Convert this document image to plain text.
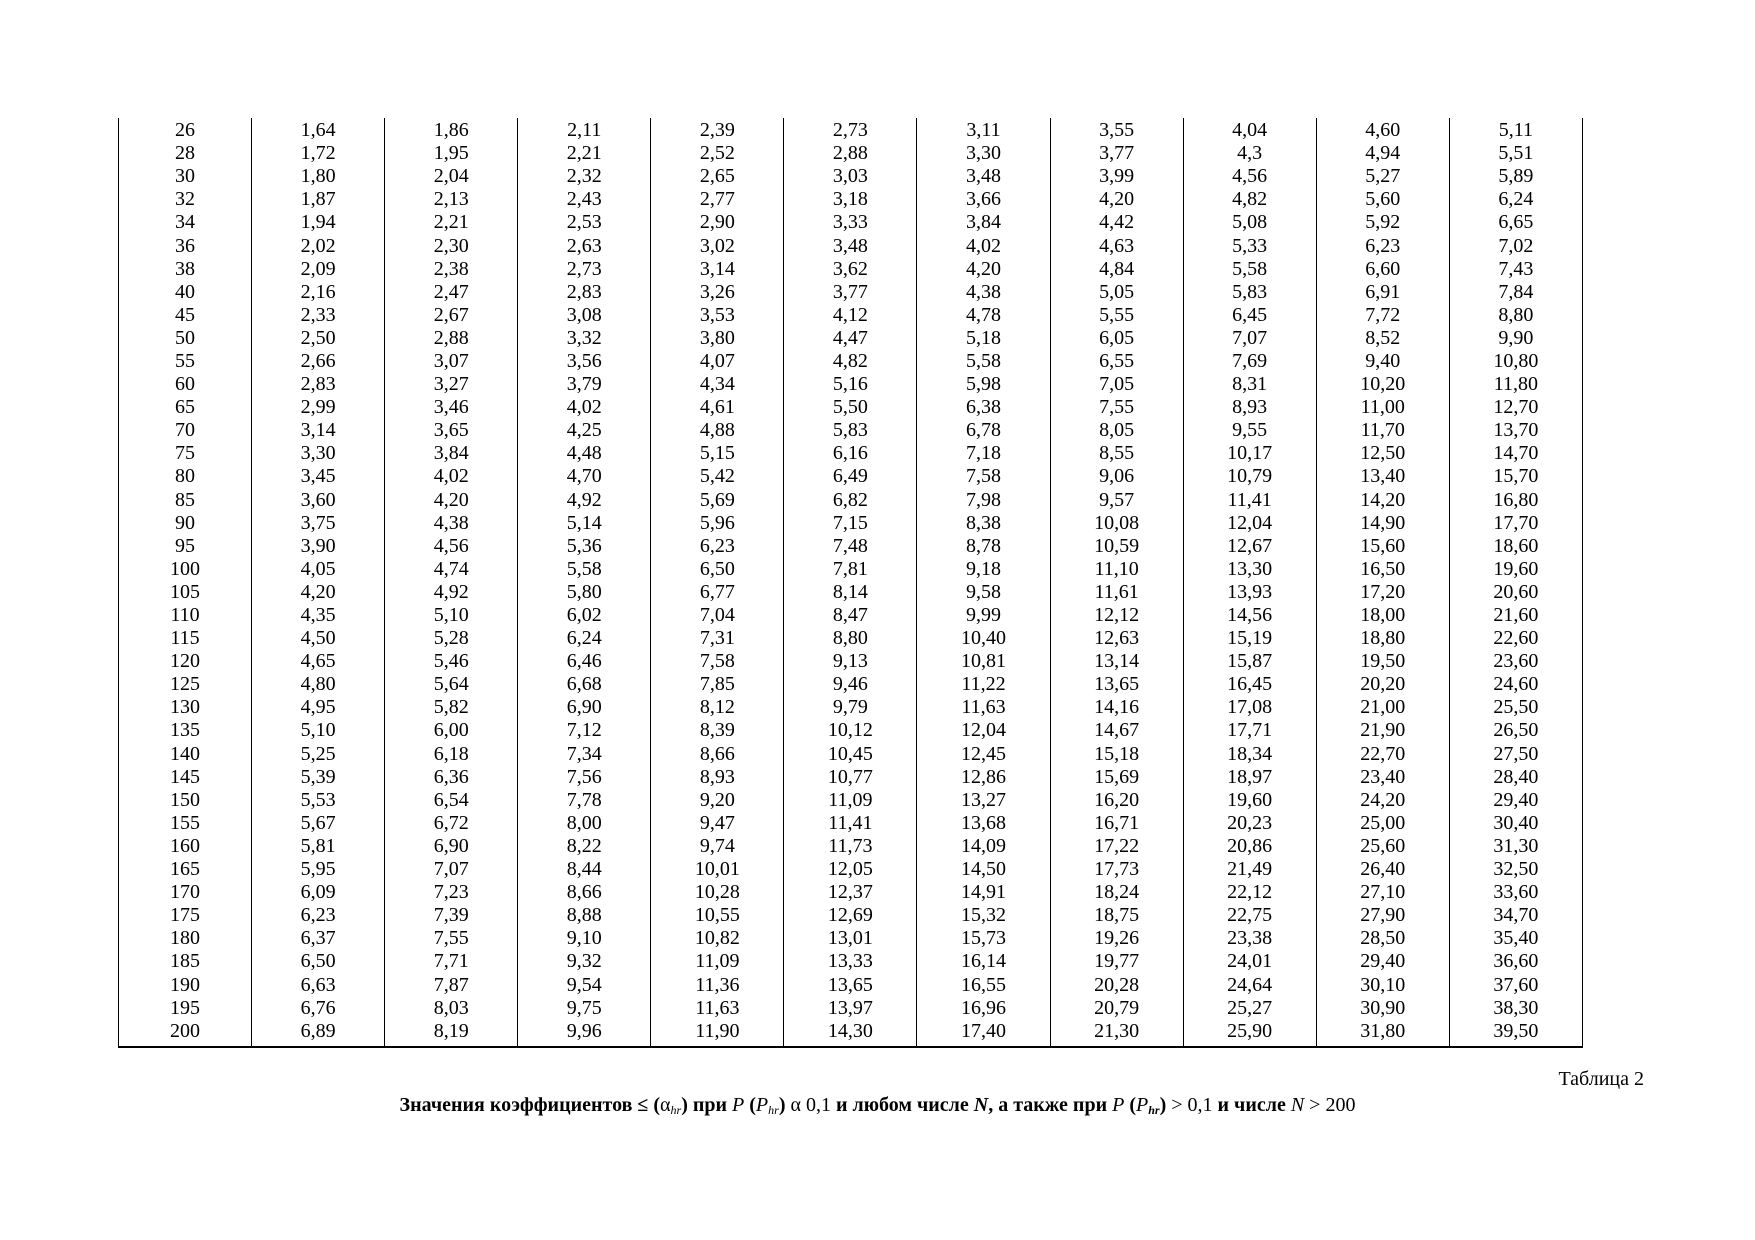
26	1,64	1,86	2,11	2,39	2,73	3,11	3,55	4,04	4,60	5,11
28	1,72	1,95	2,21	2,52	2,88	3,30	3,77	4,3	4,94	5,51
30	1,80	2,04	2,32	2,65	3,03	3,48	3,99	4,56	5,27	5,89
32	1,87	2,13	2,43	2,77	3,18	3,66	4,20	4,82	5,60	6,24
34	1,94	2,21	2,53	2,90	3,33	3,84	4,42	5,08	5,92	6,65
36	2,02	2,30	2,63	3,02	3,48	4,02	4,63	5,33	6,23	7,02
38	2,09	2,38	2,73	3,14	3,62	4,20	4,84	5,58	6,60	7,43
40	2,16	2,47	2,83	3,26	3,77	4,38	5,05	5,83	6,91	7,84
45	2,33	2,67	3,08	3,53	4,12	4,78	5,55	6,45	7,72	8,80
50	2,50	2,88	3,32	3,80	4,47	5,18	6,05	7,07	8,52	9,90
55	2,66	3,07	3,56	4,07	4,82	5,58	6,55	7,69	9,40	10,80
60	2,83	3,27	3,79	4,34	5,16	5,98	7,05	8,31	10,20	11,80
65	2,99	3,46	4,02	4,61	5,50	6,38	7,55	8,93	11,00	12,70
70	3,14	3,65	4,25	4,88	5,83	6,78	8,05	9,55	11,70	13,70
75	3,30	3,84	4,48	5,15	6,16	7,18	8,55	10,17	12,50	14,70
80	3,45	4,02	4,70	5,42	6,49	7,58	9,06	10,79	13,40	15,70
85	3,60	4,20	4,92	5,69	6,82	7,98	9,57	11,41	14,20	16,80
90	3,75	4,38	5,14	5,96	7,15	8,38	10,08	12,04	14,90	17,70
95	3,90	4,56	5,36	6,23	7,48	8,78	10,59	12,67	15,60	18,60
100	4,05	4,74	5,58	6,50	7,81	9,18	11,10	13,30	16,50	19,60
105	4,20	4,92	5,80	6,77	8,14	9,58	11,61	13,93	17,20	20,60
110	4,35	5,10	6,02	7,04	8,47	9,99	12,12	14,56	18,00	21,60
115	4,50	5,28	6,24	7,31	8,80	10,40	12,63	15,19	18,80	22,60
120	4,65	5,46	6,46	7,58	9,13	10,81	13,14	15,87	19,50	23,60
125	4,80	5,64	6,68	7,85	9,46	11,22	13,65	16,45	20,20	24,60
130	4,95	5,82	6,90	8,12	9,79	11,63	14,16	17,08	21,00	25,50
135	5,10	6,00	7,12	8,39	10,12	12,04	14,67	17,71	21,90	26,50
140	5,25	6,18	7,34	8,66	10,45	12,45	15,18	18,34	22,70	27,50
145	5,39	6,36	7,56	8,93	10,77	12,86	15,69	18,97	23,40	28,40
150	5,53	6,54	7,78	9,20	11,09	13,27	16,20	19,60	24,20	29,40
155	5,67	6,72	8,00	9,47	11,41	13,68	16,71	20,23	25,00	30,40
160	5,81	6,90	8,22	9,74	11,73	14,09	17,22	20,86	25,60	31,30
165	5,95	7,07	8,44	10,01	12,05	14,50	17,73	21,49	26,40	32,50
170	6,09	7,23	8,66	10,28	12,37	14,91	18,24	22,12	27,10	33,60
175	6,23	7,39	8,88	10,55	12,69	15,32	18,75	22,75	27,90	34,70
180	6,37	7,55	9,10	10,82	13,01	15,73	19,26	23,38	28,50	35,40
185	6,50	7,71	9,32	11,09	13,33	16,14	19,77	24,01	29,40	36,60
190	6,63	7,87	9,54	11,36	13,65	16,55	20,28	24,64	30,10	37,60
195	6,76	8,03	9,75	11,63	13,97	16,96	20,79	25,27	30,90	38,30
200	6,89	8,19	9,96	11,90	14,30	17,40	21,30	25,90	31,80	39,50
Таблица 2
Значения коэффициентов ≤ $(\alpha_{hr})$ при P $(P_{hr})$ α 0,1 и любом числе N, а также при P $(P_{hr}) > 0,1$ и числе N > 200
